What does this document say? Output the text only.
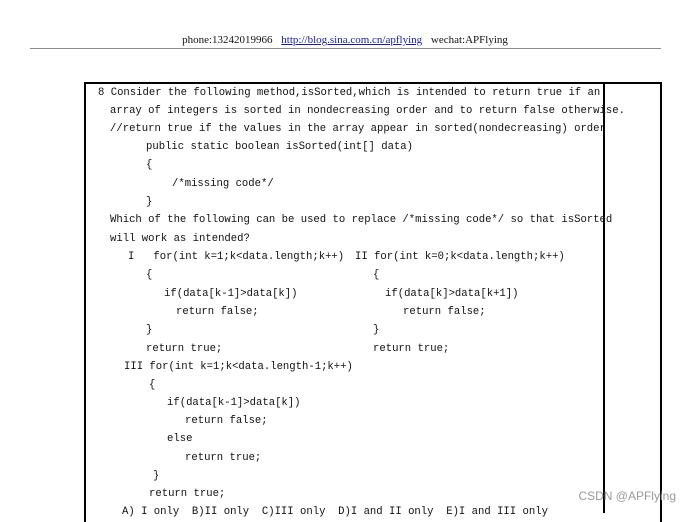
phone:13242019966 http://blog.sina.com.cn/apflying wechat:APFlying
8 Consider the following method,isSorted,which is intended to return true if an
array of integers is sorted in nondecreasing order and to return false otherwise.
//return true if the values in the array appear in sorted(nondecreasing) order
public static boolean isSorted(int[] data)
{
/*missing code*/
}
Which of the following can be used to replace /*missing code*/ so that isSorted
will work as intended?
I   for(int k=1;k<data.length;k++)
{
if(data[k-1]>data[k])
return false;
}
return true;
II for(int k=0;k<data.length;k++)
{
if(data[k]>data[k+1])
return false;
}
return true;
III for(int k=1;k<data.length-1;k++)
{
if(data[k-1]>data[k])
return false;
else
return true;
}
return true;
A) I only  B)II only  C)III only  D)I and II only  E)I and III only
CSDN @APFlying
